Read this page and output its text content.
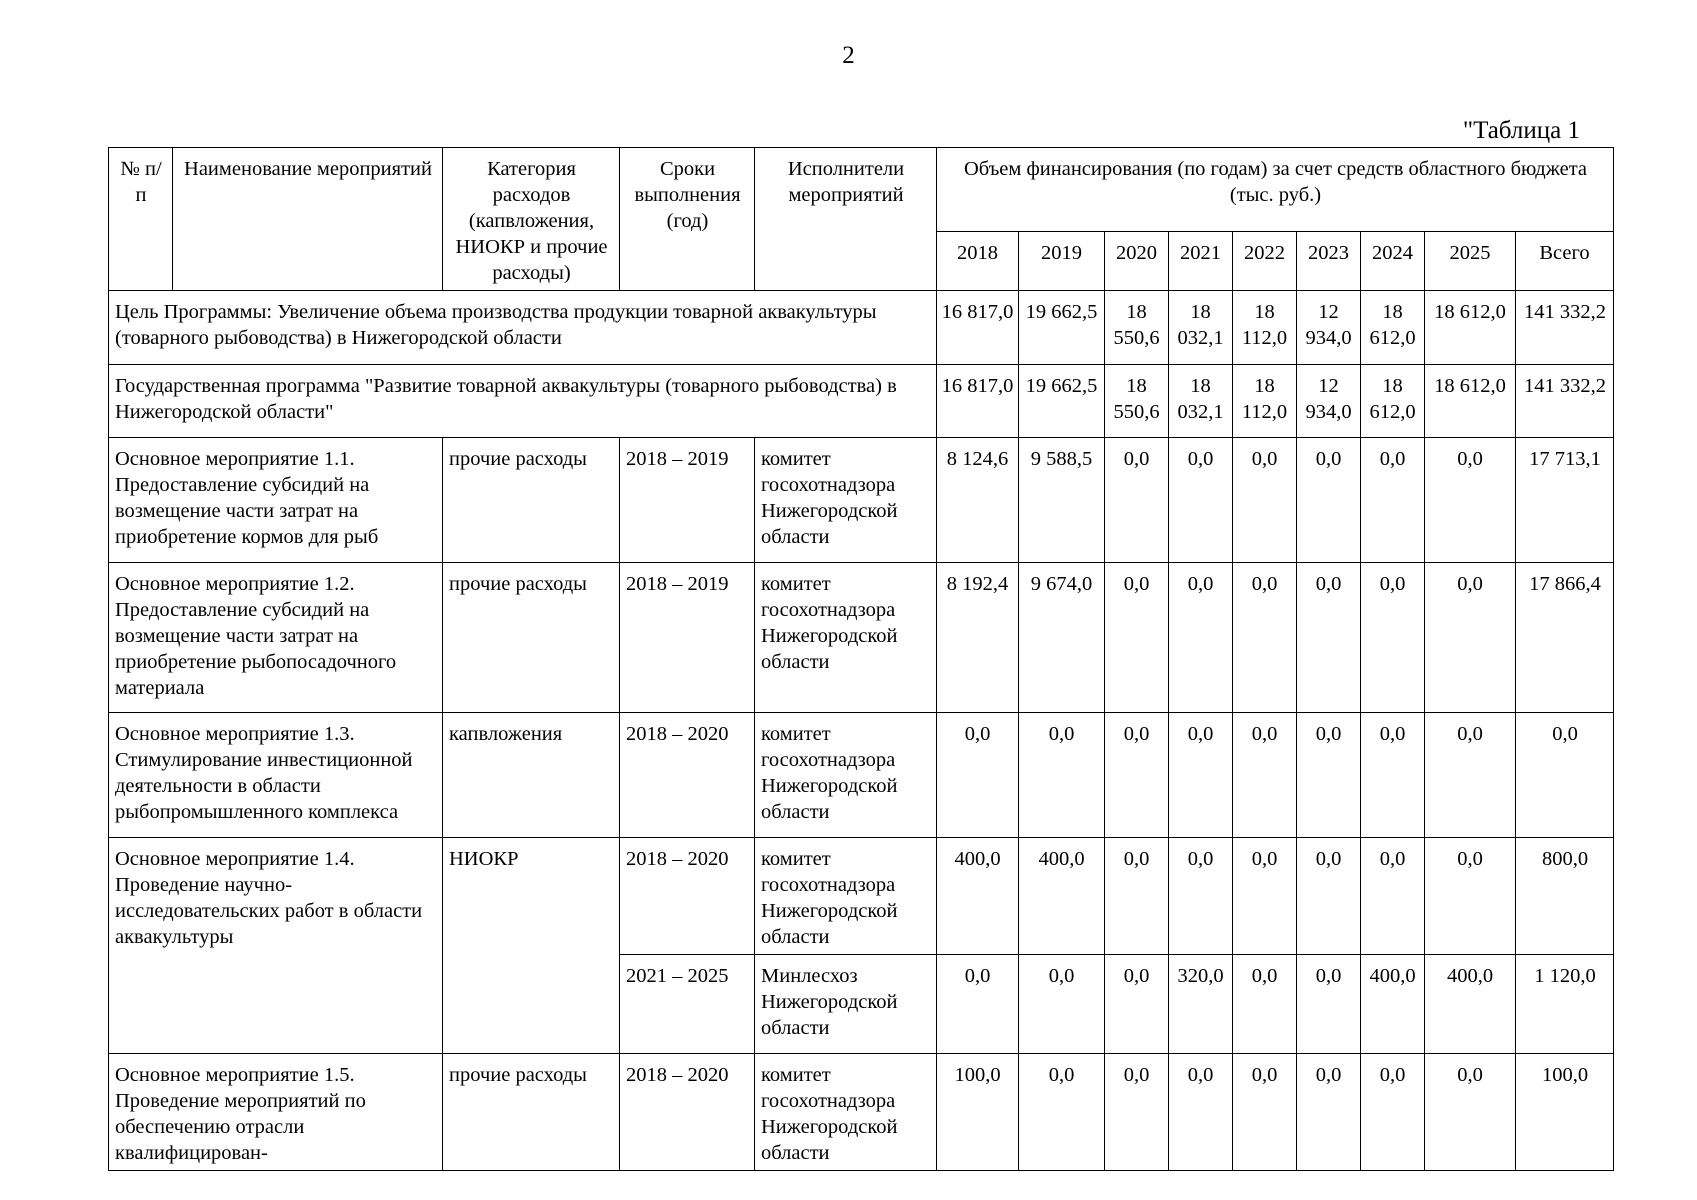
2
"Таблица 1
№ п/п	Наименование мероприятий	Категория расходов (капвложения, НИОКР и прочие расходы)	Сроки выполнения (год)	Исполнители мероприятий	Объем финансирования (по годам) за счет средств областного бюджета (тыс. руб.)								
					2018	2019	2020	2021	2022	2023	2024	2025	Всего
Цель Программы: Увеличение объема производства продукции товарной аквакультуры (товарного рыбоводства) в Нижегородской области					16 817,0	19 662,5	18 550,6	18 032,1	18 112,0	12 934,0	18 612,0	18 612,0	141 332,2
Государственная программа "Развитие товарной аквакультуры (товарного рыбоводства) в Нижегородской области"					16 817,0	19 662,5	18 550,6	18 032,1	18 112,0	12 934,0	18 612,0	18 612,0	141 332,2
Основное мероприятие 1.1. Предоставление субсидий на возмещение части затрат на приобретение кормов для рыб		прочие расходы	2018 – 2019	комитет госохотнадзора Нижегородской области	8 124,6	9 588,5	0,0	0,0	0,0	0,0	0,0	0,0	17 713,1
Основное мероприятие 1.2. Предоставление субсидий на возмещение части затрат на приобретение рыбопосадочного материала		прочие расходы	2018 – 2019	комитет госохотнадзора Нижегородской области	8 192,4	9 674,0	0,0	0,0	0,0	0,0	0,0	0,0	17 866,4
Основное мероприятие 1.3. Стимулирование инвестиционной деятельности в области рыбопромышленного комплекса		капвложения	2018 – 2020	комитет госохотнадзора Нижегородской области	0,0	0,0	0,0	0,0	0,0	0,0	0,0	0,0	0,0
Основное мероприятие 1.4. Проведение научно-исследовательских работ в области аквакультуры		НИОКР	2018 – 2020	комитет госохотнадзора Нижегородской области	400,0	400,0	0,0	0,0	0,0	0,0	0,0	0,0	800,0
			2021 – 2025	Минлесхоз Нижегородской области	0,0	0,0	0,0	320,0	0,0	0,0	400,0	400,0	1 120,0
Основное мероприятие 1.5. Проведение мероприятий по обеспечению отрасли квалифицирован-		прочие расходы	2018 – 2020	комитет госохотнадзора Нижегородской области	100,0	0,0	0,0	0,0	0,0	0,0	0,0	0,0	100,0
